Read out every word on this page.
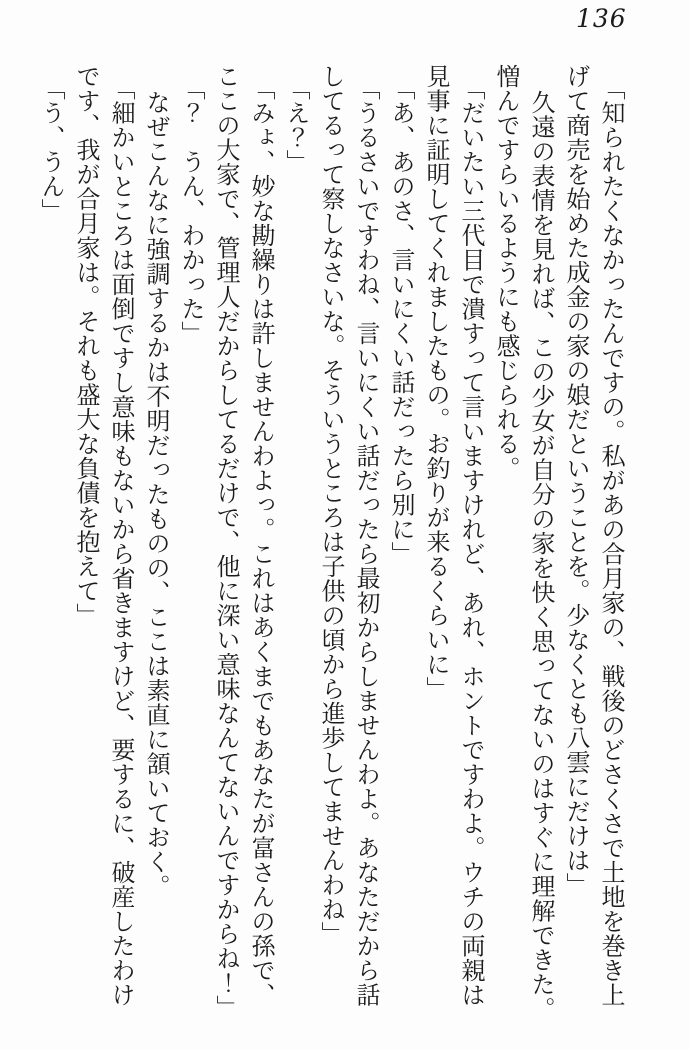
136
「知られたくなかったんですの。私があの合月家の、戦後のどさくさで土地を巻き上
げて商売を始めた成金の家の娘だということを。少なくとも八雲にだけは」
久遠の表情を見れば、この少女が自分の家を快く思ってないのはすぐに理解できた。
憎んですらいるようにも感じられる。
「だいたい三代目で潰すって言いますけれど、あれ、ホントですわよ。ウチの両親は
見事に証明してくれましたもの。お釣りが来るくらいに」
「あ、あのさ、言いにくい話だったら別に」
「うるさいですわね、言いにくい話だったら最初からしませんわよ。あなただから話
してるって察しなさいな。そういうところは子供の頃から進歩してませんわね」
「え？」
「みょ、妙な勘繰りは許しませんわよっ。これはあくまでもあなたが富さんの孫で、
ここの大家で、管理人だからしてるだけで、他に深い意味なんてないんですからね！」
「？　うん、わかった」
なぜこんなに強調するかは不明だったものの、ここは素直に頷いておく。
「細かいところは面倒ですし意味もないから省きますけど、要するに、破産したわけ
です、我が合月家は。それも盛大な負債を抱えて」
「う、うん」
